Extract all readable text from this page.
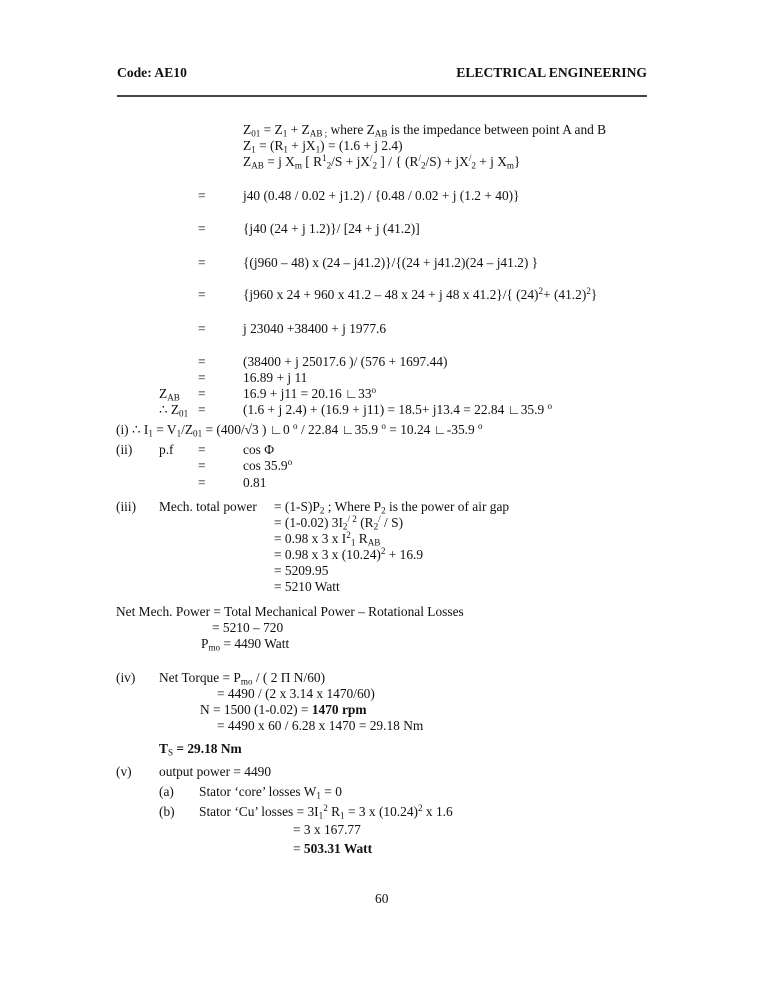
Code: AE10	ELECTRICAL ENGINEERING
$Z_{01} = Z_1 + Z_{AB ;}$ where $Z_{AB}$ is the impedance between point A and B
$Z_1 = (R_1 + jX_1) = (1.6 + j$ 2.4)
$Z_{AB} = j$ $X_m$ [ $R^1_2/S + jX^/_2$ ] / { $(R^/_2/S) + jX^/_2 + j$ $X_m$}
=	j40 (0.48 / 0.02 + j1.2) / {0.48 / 0.02 + j (1.2 + 40)}
=	{j40 (24 + j 1.2)}/ [24 + j (41.2)]
=	{(j960 – 48) x (24 – j41.2)}/{(24 + j41.2)(24 – j41.2) }
=	{j960 x 24 + 960 x 41.2 – 48 x 24 + j 48 x 41.2}/{ $(24)^2+ (41.2)^2$}
=	j 23040 +38400 + j 1977.6
=	(38400 + j 25017.6 )/ (576 + 1697.44)
=	16.89 + j 11
$Z_{AB}$ =	16.9 + j11 = 20.16 ∟33$^o$
∴ $Z_{01}$ =	(1.6 + j 2.4) + (16.9 + j11) = 18.5+ j13.4 = 22.84 ∟35.9 $^o$
(i) ∴ $I_1 = V_1/Z_{01} = (400/√3$ ) ∟0 $^o$ / 22.84 ∟35.9 $^o$ = 10.24 ∟-35.9 $^o$
(ii) p.f =	cos Φ
=	$\cos 35.9^o$
=	0.81
(iii) Mech. total power = $(1-S)P_2$ ; Where $P_2$ is the power of air gap
= (1-0.02) $3I_2^{/ 2}$ $(R_2^/ / S)$
= 0.98 x 3 x $I^2_1$ $R_{AB}$
= 0.98 x 3 x $(10.24)^2 + 16.9$
= 5209.95
= 5210 Watt
Net Mech. Power = Total Mechanical Power – Rotational Losses
= 5210 – 720
$P_{mo} = 4490$ Watt
(iv) Net Torque = $P_{mo}$ / ( 2 Π N/60)
= 4490 / (2 x 3.14 x 1470/60)
N = 1500 (1-0.02) = 1470 rpm
= 4490 x 60 / 6.28 x 1470 = 29.18 Nm
$T_S = 29.18$ Nm
(v) output power = 4490
(a) Stator ‘core’ losses $W_1 = 0$
(b) Stator ‘Cu’ losses = $3I_1^2$ $R_1 = 3$ x $(10.24)^2$ x 1.6
= 3 x 167.77
= 503.31 Watt
60
